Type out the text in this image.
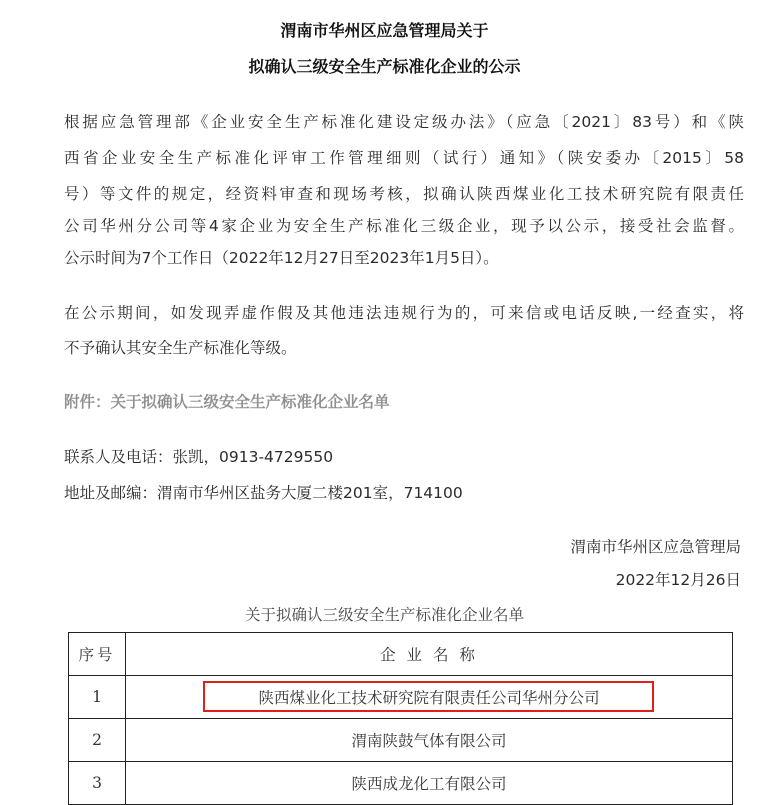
渭南市华州区应急管理局关于
拟确认三级安全生产标准化企业的公示
根据应急管理部《企业安全生产标准化建设定级办法》（应急〔2021〕83号）和《陕
西省企业安全生产标准化评审工作管理细则（试行）通知》（陕安委办〔2015〕58
号）等文件的规定，经资料审查和现场考核，拟确认陕西煤业化工技术研究院有限责任
公司华州分公司等4家企业为安全生产标准化三级企业，现予以公示，接受社会监督。
公示时间为7个工作日（2022年12月27日至2023年1月5日）。
在公示期间，如发现弄虚作假及其他违法违规行为的，可来信或电话反映,一经查实，将
不予确认其安全生产标准化等级。
附件：关于拟确认三级安全生产标准化企业名单
联系人及电话：张凯，0913-4729550
地址及邮编：渭南市华州区盐务大厦二楼201室，714100
渭南市华州区应急管理局
2022年12月26日
关于拟确认三级安全生产标准化企业名单
序号	企 业 名 称
1	陕西煤业化工技术研究院有限责任公司华州分公司
2	渭南陕鼓气体有限公司
3	陕西成龙化工有限公司
